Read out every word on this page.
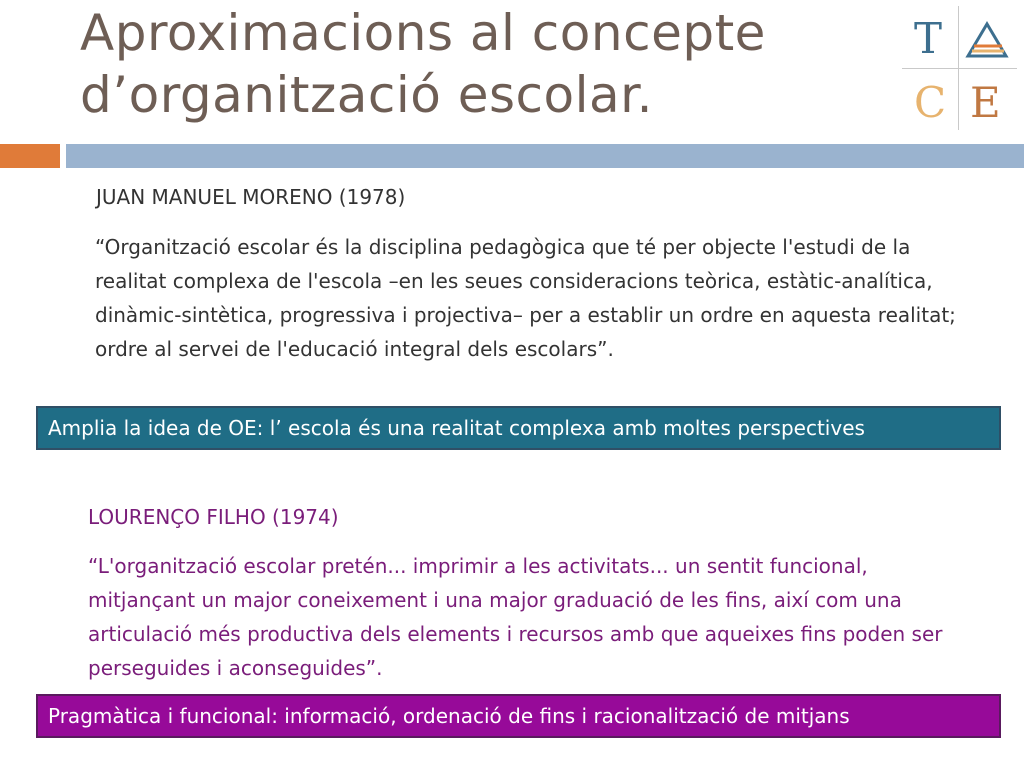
Aproximacions al concepte
d’organització escolar.
T
C E
JUAN MANUEL MORENO (1978)
“Organització escolar és la disciplina pedagògica que té per objecte l'estudi de la realitat complexa de l'escola –en les seues consideracions teòrica, estàtic-analítica, dinàmic-sintètica, progressiva i projectiva– per a establir un ordre en aquesta realitat; ordre al servei de l'educació integral dels escolars”.
Amplia la idea de OE: l’ escola és una realitat complexa amb moltes perspectives
LOURENÇO FILHO (1974)
“L'organització escolar pretén... imprimir a les activitats... un sentit funcional, mitjançant un major coneixement i una major graduació de les fins, així com una articulació més productiva dels elements i recursos amb que aqueixes fins poden ser perseguides i aconseguides”.
Pragmàtica i funcional: informació, ordenació de fins i racionalització de mitjans
